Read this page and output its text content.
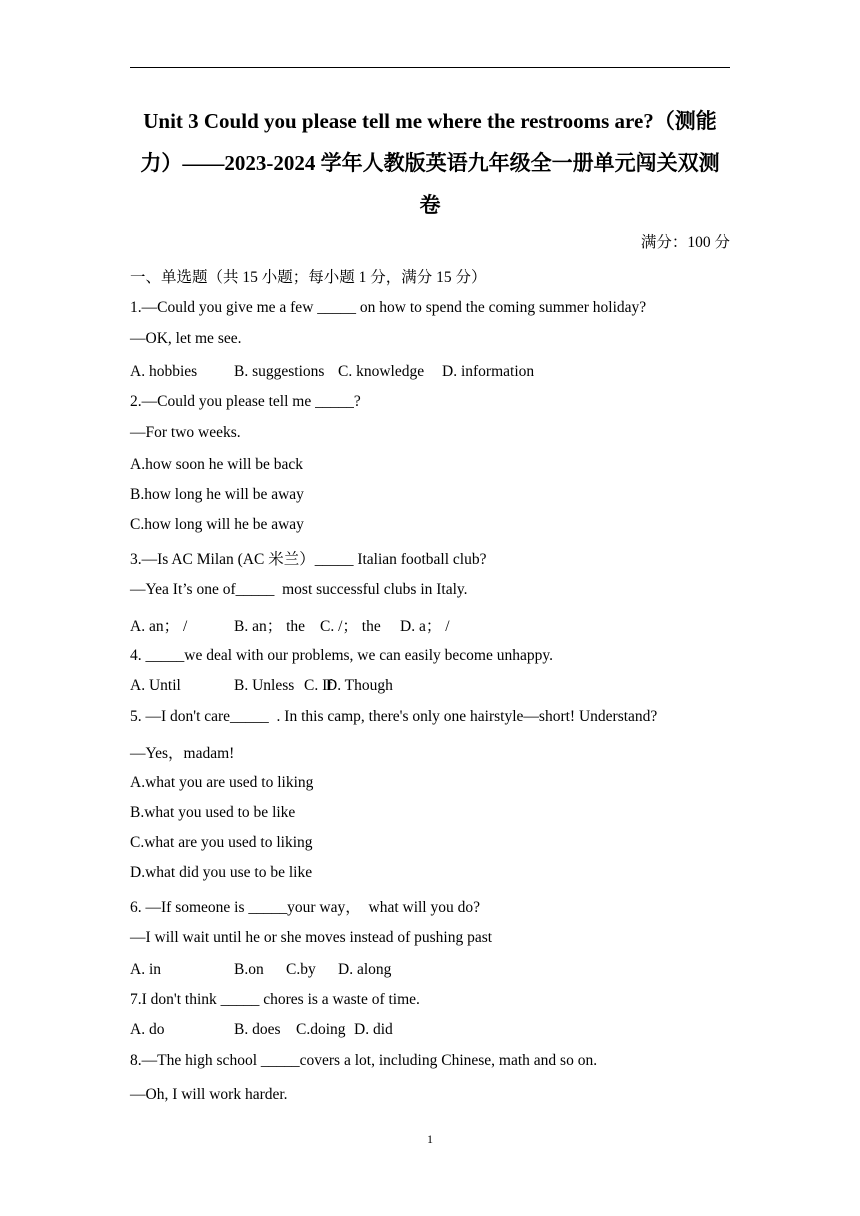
Unit 3 Could you please tell me where the restrooms are?（测能
力）——2023-2024 学年人教版英语九年级全一册单元闯关双测
卷
满分：100 分
一、单选题（共 15 小题；每小题 1 分，满分 15 分）
1.—Could you give me a few _____ on how to spend the coming summer holiday?
—OK, let me see.
A. hobbies B. suggestions C. knowledge D. information
2.—Could you please tell me _____?
—For two weeks.
A.how soon he will be back
B.how long he will be away
C.how long will he be away
3.—Is AC Milan (AC 米兰）_____ Italian football club?
—Yea It’s one of_____  most successful clubs in Italy.
A. an； /	B. an； the C. /； the D. a； /
4. _____we deal with our problems, we can easily become unhappy.
A. Until	B. Unless C. IfD. Though
5. —I don't care_____  . In this camp, there's only one hairstyle—short! Understand?
—Yes，madam!
A.what you are used to liking
B.what you used to be like
C.what are you used to liking
D.what did you use to be like
6. —If someone is _____your way，  what will you do?
—I will wait until he or she moves instead of pushing past
A. in	B.on C.by D. along
7.I don't think _____ chores is a waste of time.
A. do	B. does C.doing D. did
8.—The high school _____covers a lot, including Chinese, math and so on.
—Oh, I will work harder.
1
